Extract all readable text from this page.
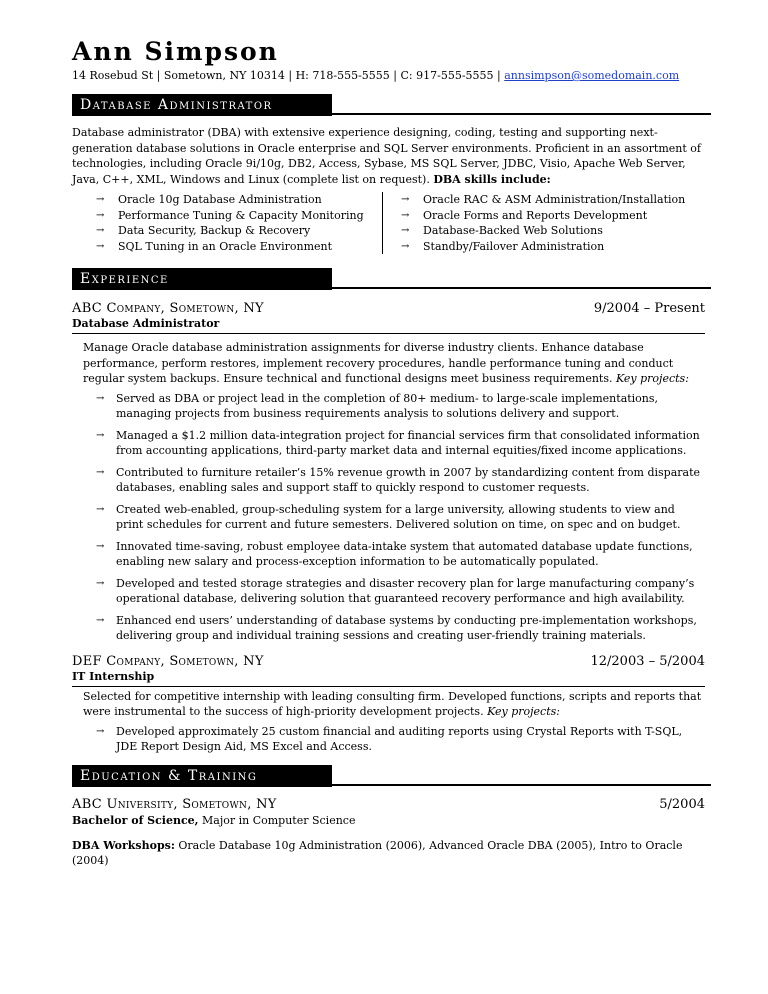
Ann Simpson
14 Rosebud St | Sometown, NY 10314 | H: 718-555-5555 | C: 917-555-5555 | annsimpson@somedomain.com
Database Administrator

Database administrator (DBA) with extensive experience designing, coding, testing and supporting next-generation database solutions in Oracle enterprise and SQL Server environments. Proficient in an assortment of technologies, including Oracle 9i/10g, DB2, Access, Sybase, MS SQL Server, JDBC, Visio, Apache Web Server, Java, C++, XML, Windows and Linux (complete list on request). DBA skills include:

→ Oracle 10g Database Administration
→ Performance Tuning & Capacity Monitoring
→ Data Security, Backup & Recovery
→ SQL Tuning in an Oracle Environment
→ Oracle RAC & ASM Administration/Installation
→ Oracle Forms and Reports Development
→ Database-Backed Web Solutions
→ Standby/Failover Administration
Experience
ABC Company, Sometown, NY	9/2004 – Present
Database Administrator
Manage Oracle database administration assignments for diverse industry clients. Enhance database performance, perform restores, implement recovery procedures, handle performance tuning and conduct regular system backups. Ensure technical and functional designs meet business requirements. Key projects:
→ Served as DBA or project lead in the completion of 80+ medium- to large-scale implementations, managing projects from business requirements analysis to solutions delivery and support.
→ Managed a $1.2 million data-integration project for financial services firm that consolidated information from accounting applications, third-party market data and internal equities/fixed income applications.
→ Contributed to furniture retailer’s 15% revenue growth in 2007 by standardizing content from disparate databases, enabling sales and support staff to quickly respond to customer requests.
→ Created web-enabled, group-scheduling system for a large university, allowing students to view and print schedules for current and future semesters. Delivered solution on time, on spec and on budget.
→ Innovated time-saving, robust employee data-intake system that automated database update functions, enabling new salary and process-exception information to be automatically populated.
→ Developed and tested storage strategies and disaster recovery plan for large manufacturing company’s operational database, delivering solution that guaranteed recovery performance and high availability.
→ Enhanced end users’ understanding of database systems by conducting pre-implementation workshops, delivering group and individual training sessions and creating user-friendly training materials.
DEF Company, Sometown, NY	12/2003 – 5/2004
IT Internship
Selected for competitive internship with leading consulting firm. Developed functions, scripts and reports that were instrumental to the success of high-priority development projects. Key projects:
→ Developed approximately 25 custom financial and auditing reports using Crystal Reports with T-SQL, JDE Report Design Aid, MS Excel and Access.
Education & Training
ABC University, Sometown, NY	5/2004
Bachelor of Science, Major in Computer Science
DBA Workshops: Oracle Database 10g Administration (2006), Advanced Oracle DBA (2005), Intro to Oracle (2004)
